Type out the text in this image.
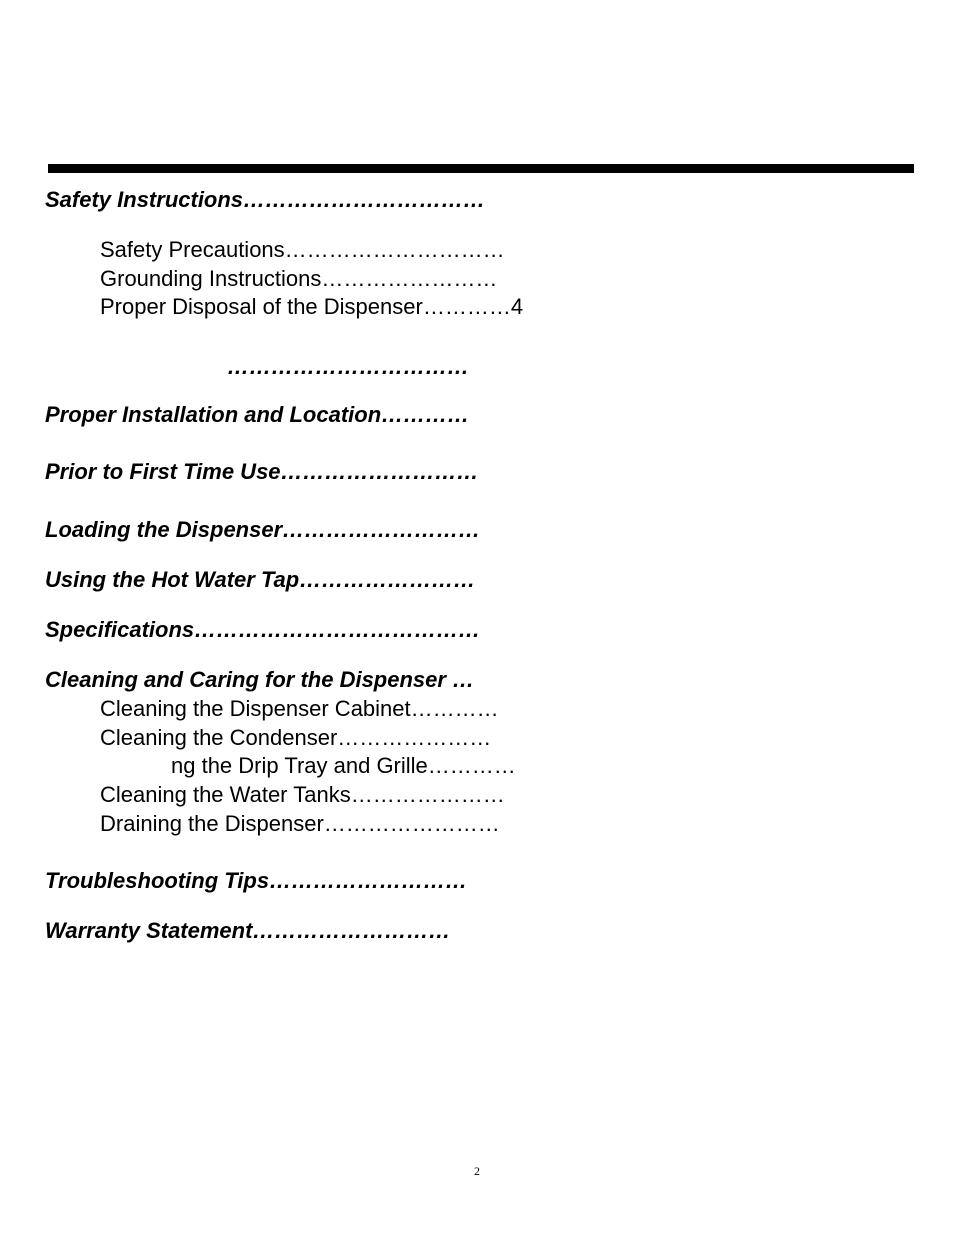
Safety Instructions……………………………
Safety Precautions…………………………
Grounding Instructions……………………
Proper Disposal of the Dispenser…………4
……………………………
Proper Installation and Location…………
Prior to First Time Use………………………
Loading the Dispenser………………………
Using the Hot Water Tap……………………
Specifications…………………………………
Cleaning and Caring for the Dispenser …
Cleaning the Dispenser Cabinet…………
Cleaning the Condenser…………………
ng the Drip Tray and Grille…………
Cleaning the Water Tanks…………………
Draining the Dispenser……………………
Troubleshooting Tips………………………
Warranty Statement………………………
2
